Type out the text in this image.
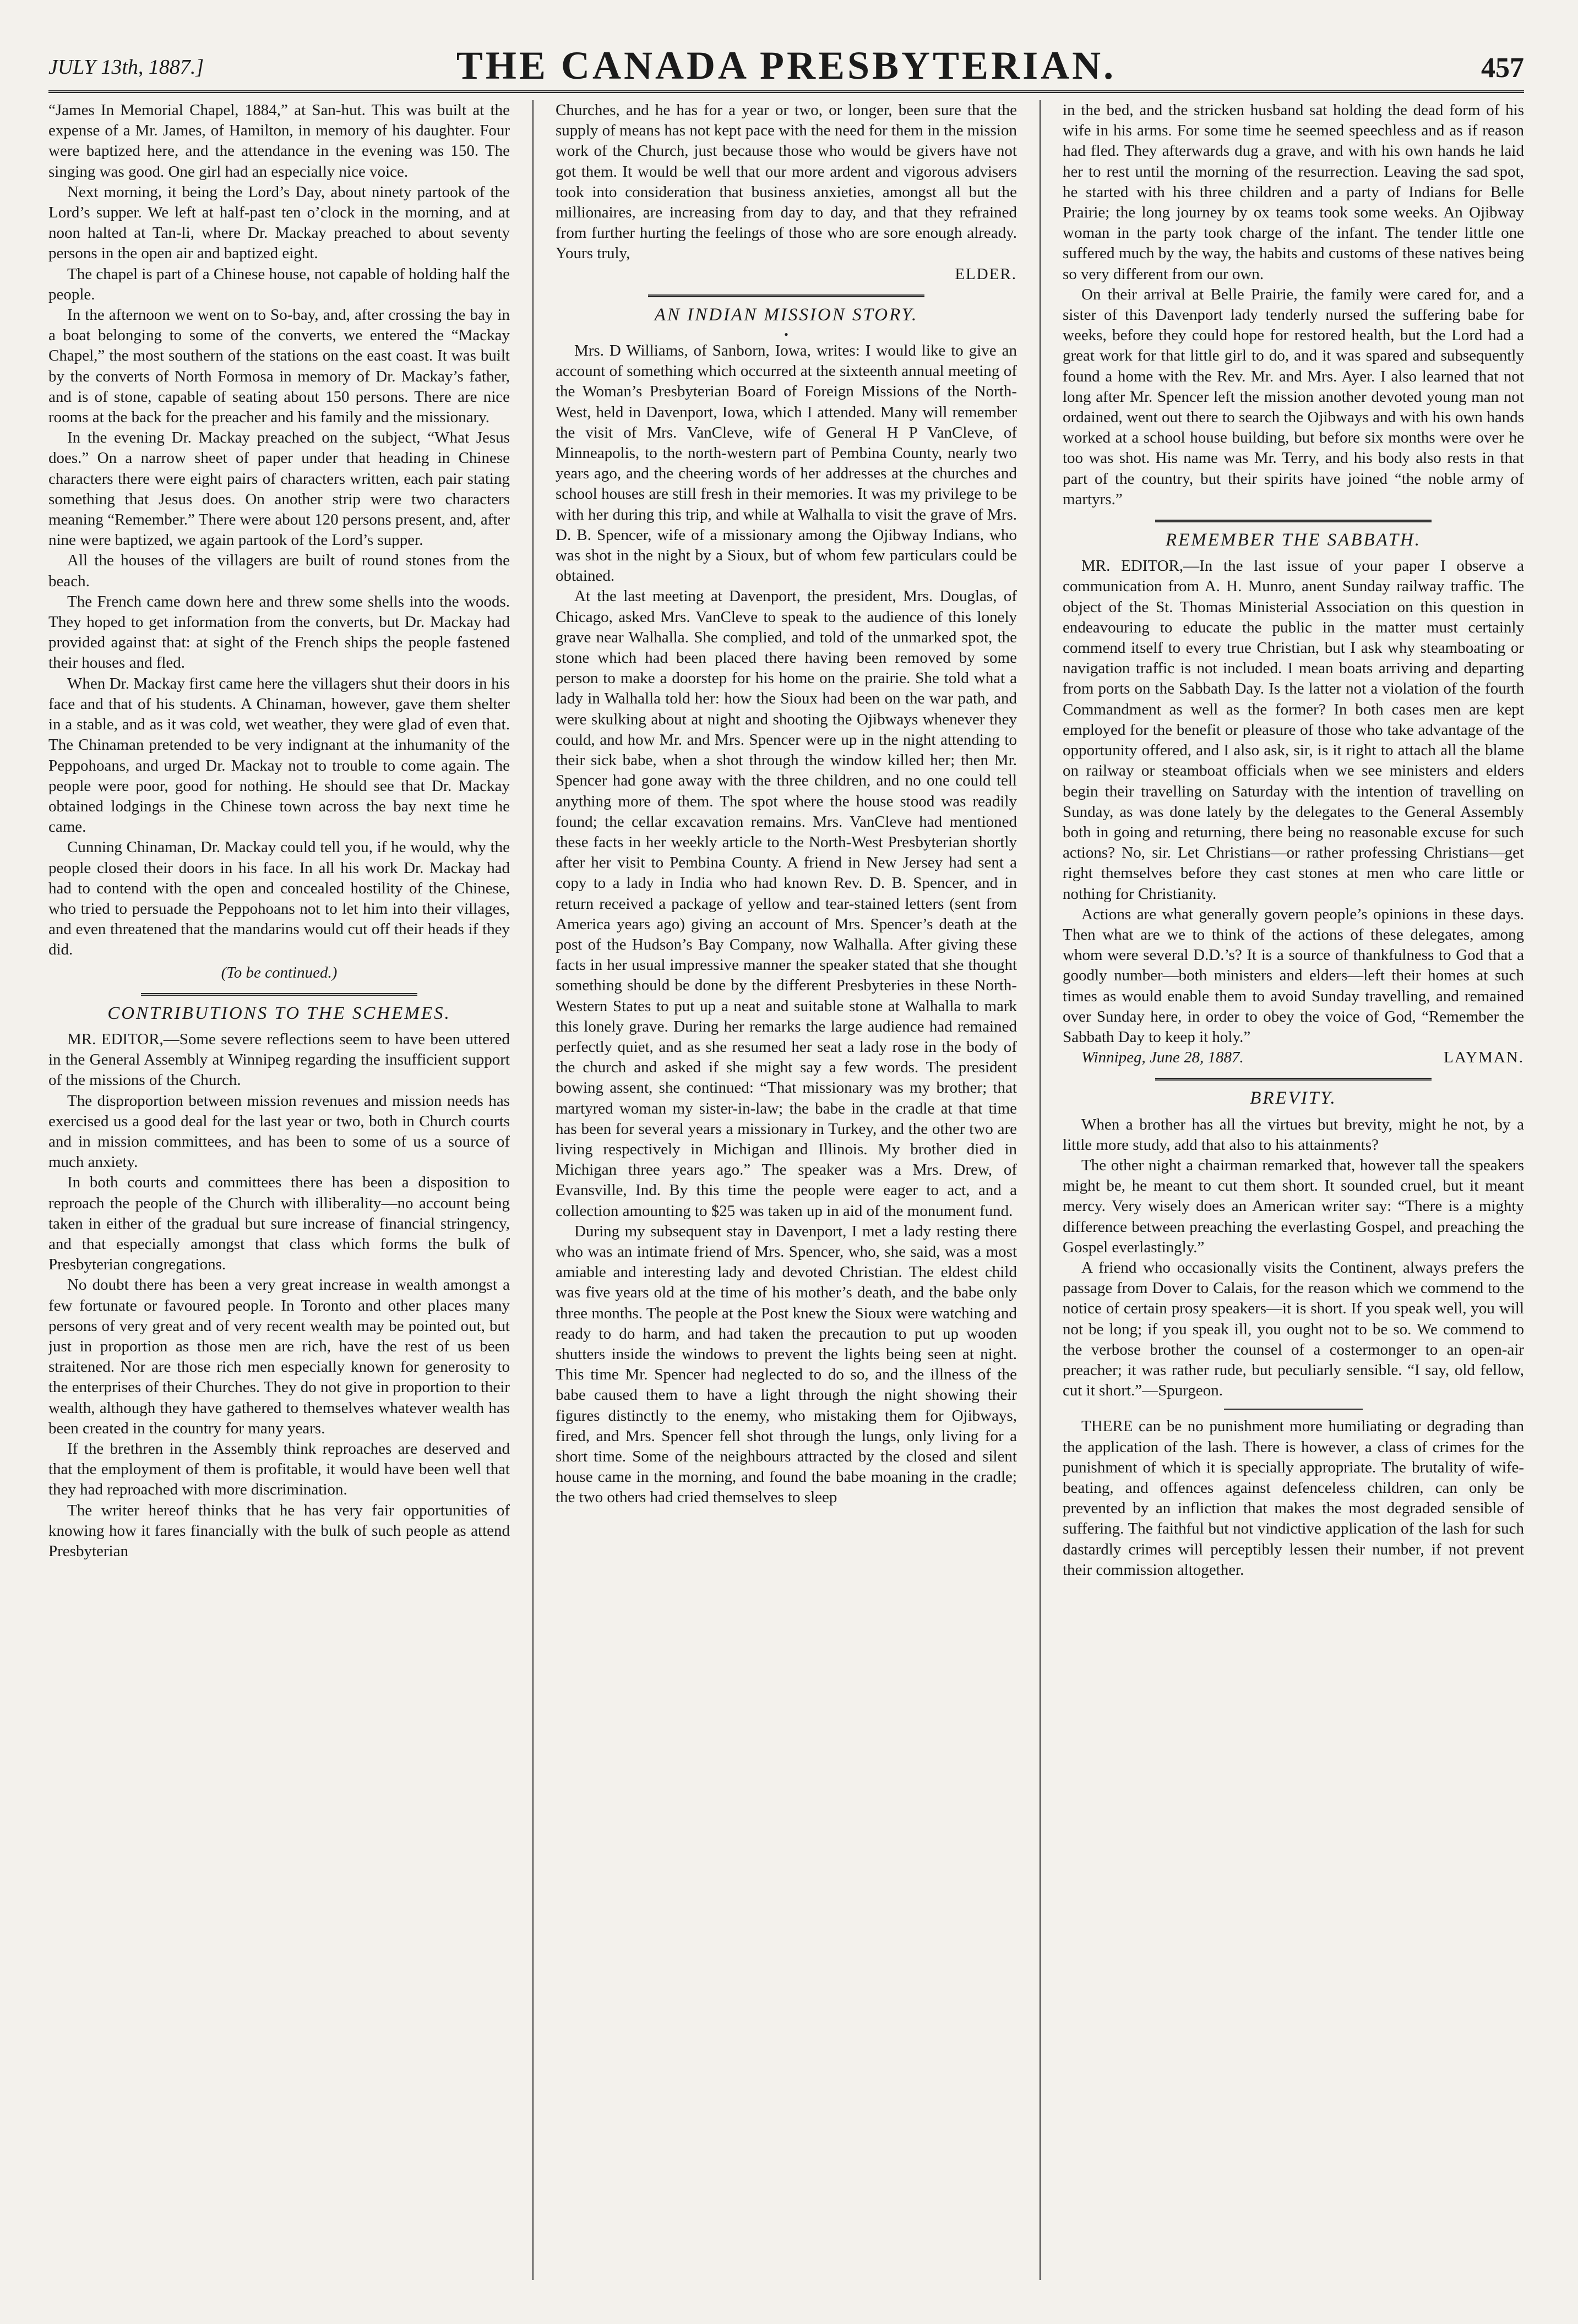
JULY 13th, 1887.]	THE CANADA PRESBYTERIAN.	457

“James In Memorial Chapel, 1884,” at San-hut. This was built at the expense of a Mr. James, of Hamilton, in memory of his daughter. Four were baptized here, and the attendance in the evening was 150. The singing was good. One girl had an especially nice voice.

Next morning, it being the Lord’s Day, about ninety partook of the Lord’s supper. We left at half-past ten o’clock in the morning, and at noon halted at Tan-li, where Dr. Mackay preached to about seventy persons in the open air and baptized eight.

The chapel is part of a Chinese house, not capable of holding half the people.

In the afternoon we went on to So-bay, and, after crossing the bay in a boat belonging to some of the converts, we entered the “Mackay Chapel,” the most southern of the stations on the east coast. It was built by the converts of North Formosa in memory of Dr. Mackay’s father, and is of stone, capable of seating about 150 persons. There are nice rooms at the back for the preacher and his family and the missionary.

In the evening Dr. Mackay preached on the subject, “What Jesus does.” On a narrow sheet of paper under that heading in Chinese characters there were eight pairs of characters written, each pair stating something that Jesus does. On another strip were two characters meaning “Remember.” There were about 120 persons present, and, after nine were baptized, we again partook of the Lord’s supper.

All the houses of the villagers are built of round stones from the beach.

The French came down here and threw some shells into the woods. They hoped to get information from the converts, but Dr. Mackay had provided against that: at sight of the French ships the people fastened their houses and fled.

When Dr. Mackay first came here the villagers shut their doors in his face and that of his students. A Chinaman, however, gave them shelter in a stable, and as it was cold, wet weather, they were glad of even that. The Chinaman pretended to be very indignant at the inhumanity of the Peppohoans, and urged Dr. Mackay not to trouble to come again. The people were poor, good for nothing. He should see that Dr. Mackay obtained lodgings in the Chinese town across the bay next time he came.

Cunning Chinaman, Dr. Mackay could tell you, if he would, why the people closed their doors in his face. In all his work Dr. Mackay had had to contend with the open and concealed hostility of the Chinese, who tried to persuade the Peppohoans not to let him into their villages, and even threatened that the mandarins would cut off their heads if they did.

(To be continued.)

CONTRIBUTIONS TO THE SCHEMES.

MR. EDITOR,—Some severe reflections seem to have been uttered in the General Assembly at Winnipeg regarding the insufficient support of the missions of the Church.

The disproportion between mission revenues and mission needs has exercised us a good deal for the last year or two, both in Church courts and in mission committees, and has been to some of us a source of much anxiety.

In both courts and committees there has been a disposition to reproach the people of the Church with illiberality—no account being taken in either of the gradual but sure increase of financial stringency, and that especially amongst that class which forms the bulk of Presbyterian congregations.

No doubt there has been a very great increase in wealth amongst a few fortunate or favoured people. In Toronto and other places many persons of very great and of very recent wealth may be pointed out, but just in proportion as those men are rich, have the rest of us been straitened. Nor are those rich men especially known for generosity to the enterprises of their Churches. They do not give in proportion to their wealth, although they have gathered to themselves whatever wealth has been created in the country for many years.

If the brethren in the Assembly think reproaches are deserved and that the employment of them is profitable, it would have been well that they had reproached with more discrimination.

The writer hereof thinks that he has very fair opportunities of knowing how it fares financially with the bulk of such people as attend Presbyterian

Churches, and he has for a year or two, or longer, been sure that the supply of means has not kept pace with the need for them in the mission work of the Church, just because those who would be givers have not got them. It would be well that our more ardent and vigorous advisers took into consideration that business anxieties, amongst all but the millionaires, are increasing from day to day, and that they refrained from further hurting the feelings of those who are sore enough already. Yours truly,

ELDER.

AN INDIAN MISSION STORY.
•

Mrs. D Williams, of Sanborn, Iowa, writes: I would like to give an account of something which occurred at the sixteenth annual meeting of the Woman’s Presbyterian Board of Foreign Missions of the North-West, held in Davenport, Iowa, which I attended. Many will remember the visit of Mrs. VanCleve, wife of General H P VanCleve, of Minneapolis, to the north-western part of Pembina County, nearly two years ago, and the cheering words of her addresses at the churches and school houses are still fresh in their memories. It was my privilege to be with her during this trip, and while at Walhalla to visit the grave of Mrs. D. B. Spencer, wife of a missionary among the Ojibway Indians, who was shot in the night by a Sioux, but of whom few particulars could be obtained.

At the last meeting at Davenport, the president, Mrs. Douglas, of Chicago, asked Mrs. VanCleve to speak to the audience of this lonely grave near Walhalla. She complied, and told of the unmarked spot, the stone which had been placed there having been removed by some person to make a doorstep for his home on the prairie. She told what a lady in Walhalla told her: how the Sioux had been on the war path, and were skulking about at night and shooting the Ojibways whenever they could, and how Mr. and Mrs. Spencer were up in the night attending to their sick babe, when a shot through the window killed her; then Mr. Spencer had gone away with the three children, and no one could tell anything more of them. The spot where the house stood was readily found; the cellar excavation remains. Mrs. VanCleve had mentioned these facts in her weekly article to the North-West Presbyterian shortly after her visit to Pembina County. A friend in New Jersey had sent a copy to a lady in India who had known Rev. D. B. Spencer, and in return received a package of yellow and tear-stained letters (sent from America years ago) giving an account of Mrs. Spencer’s death at the post of the Hudson’s Bay Company, now Walhalla. After giving these facts in her usual impressive manner the speaker stated that she thought something should be done by the different Presbyteries in these North-Western States to put up a neat and suitable stone at Walhalla to mark this lonely grave. During her remarks the large audience had remained perfectly quiet, and as she resumed her seat a lady rose in the body of the church and asked if she might say a few words. The president bowing assent, she continued: “That missionary was my brother; that martyred woman my sister-in-law; the babe in the cradle at that time has been for several years a missionary in Turkey, and the other two are living respectively in Michigan and Illinois. My brother died in Michigan three years ago.” The speaker was a Mrs. Drew, of Evansville, Ind. By this time the people were eager to act, and a collection amounting to $25 was taken up in aid of the monument fund.

During my subsequent stay in Davenport, I met a lady resting there who was an intimate friend of Mrs. Spencer, who, she said, was a most amiable and interesting lady and devoted Christian. The eldest child was five years old at the time of his mother’s death, and the babe only three months. The people at the Post knew the Sioux were watching and ready to do harm, and had taken the precaution to put up wooden shutters inside the windows to prevent the lights being seen at night. This time Mr. Spencer had neglected to do so, and the illness of the babe caused them to have a light through the night showing their figures distinctly to the enemy, who mistaking them for Ojibways, fired, and Mrs. Spencer fell shot through the lungs, only living for a short time. Some of the neighbours attracted by the closed and silent house came in the morning, and found the babe moaning in the cradle; the two others had cried themselves to sleep

in the bed, and the stricken husband sat holding the dead form of his wife in his arms. For some time he seemed speechless and as if reason had fled. They afterwards dug a grave, and with his own hands he laid her to rest until the morning of the resurrection. Leaving the sad spot, he started with his three children and a party of Indians for Belle Prairie; the long journey by ox teams took some weeks. An Ojibway woman in the party took charge of the infant. The tender little one suffered much by the way, the habits and customs of these natives being so very different from our own.

On their arrival at Belle Prairie, the family were cared for, and a sister of this Davenport lady tenderly nursed the suffering babe for weeks, before they could hope for restored health, but the Lord had a great work for that little girl to do, and it was spared and subsequently found a home with the Rev. Mr. and Mrs. Ayer. I also learned that not long after Mr. Spencer left the mission another devoted young man not ordained, went out there to search the Ojibways and with his own hands worked at a school house building, but before six months were over he too was shot. His name was Mr. Terry, and his body also rests in that part of the country, but their spirits have joined “the noble army of martyrs.”

REMEMBER THE SABBATH.

MR. EDITOR,—In the last issue of your paper I observe a communication from A. H. Munro, anent Sunday railway traffic. The object of the St. Thomas Ministerial Association on this question in endeavouring to educate the public in the matter must certainly commend itself to every true Christian, but I ask why steamboating or navigation traffic is not included. I mean boats arriving and departing from ports on the Sabbath Day. Is the latter not a violation of the fourth Commandment as well as the former? In both cases men are kept employed for the benefit or pleasure of those who take advantage of the opportunity offered, and I also ask, sir, is it right to attach all the blame on railway or steamboat officials when we see ministers and elders begin their travelling on Saturday with the intention of travelling on Sunday, as was done lately by the delegates to the General Assembly both in going and returning, there being no reasonable excuse for such actions? No, sir. Let Christians—or rather professing Christians—get right themselves before they cast stones at men who care little or nothing for Christianity.

Actions are what generally govern people’s opinions in these days. Then what are we to think of the actions of these delegates, among whom were several D.D.’s? It is a source of thankfulness to God that a goodly number—both ministers and elders—left their homes at such times as would enable them to avoid Sunday travelling, and remained over Sunday here, in order to obey the voice of God, “Remember the Sabbath Day to keep it holy.”

Winnipeg, June 28, 1887.	LAYMAN.
BREVITY.

When a brother has all the virtues but brevity, might he not, by a little more study, add that also to his attainments?

The other night a chairman remarked that, however tall the speakers might be, he meant to cut them short. It sounded cruel, but it meant mercy. Very wisely does an American writer say: “There is a mighty difference between preaching the everlasting Gospel, and preaching the Gospel everlastingly.”

A friend who occasionally visits the Continent, always prefers the passage from Dover to Calais, for the reason which we commend to the notice of certain prosy speakers—it is short. If you speak well, you will not be long; if you speak ill, you ought not to be so. We commend to the verbose brother the counsel of a costermonger to an open-air preacher; it was rather rude, but peculiarly sensible. “I say, old fellow, cut it short.”—Spurgeon.

THERE can be no punishment more humiliating or degrading than the application of the lash. There is however, a class of crimes for the punishment of which it is specially appropriate. The brutality of wife-beating, and offences against defenceless children, can only be prevented by an infliction that makes the most degraded sensible of suffering. The faithful but not vindictive application of the lash for such dastardly crimes will perceptibly lessen their number, if not prevent their commission altogether.
